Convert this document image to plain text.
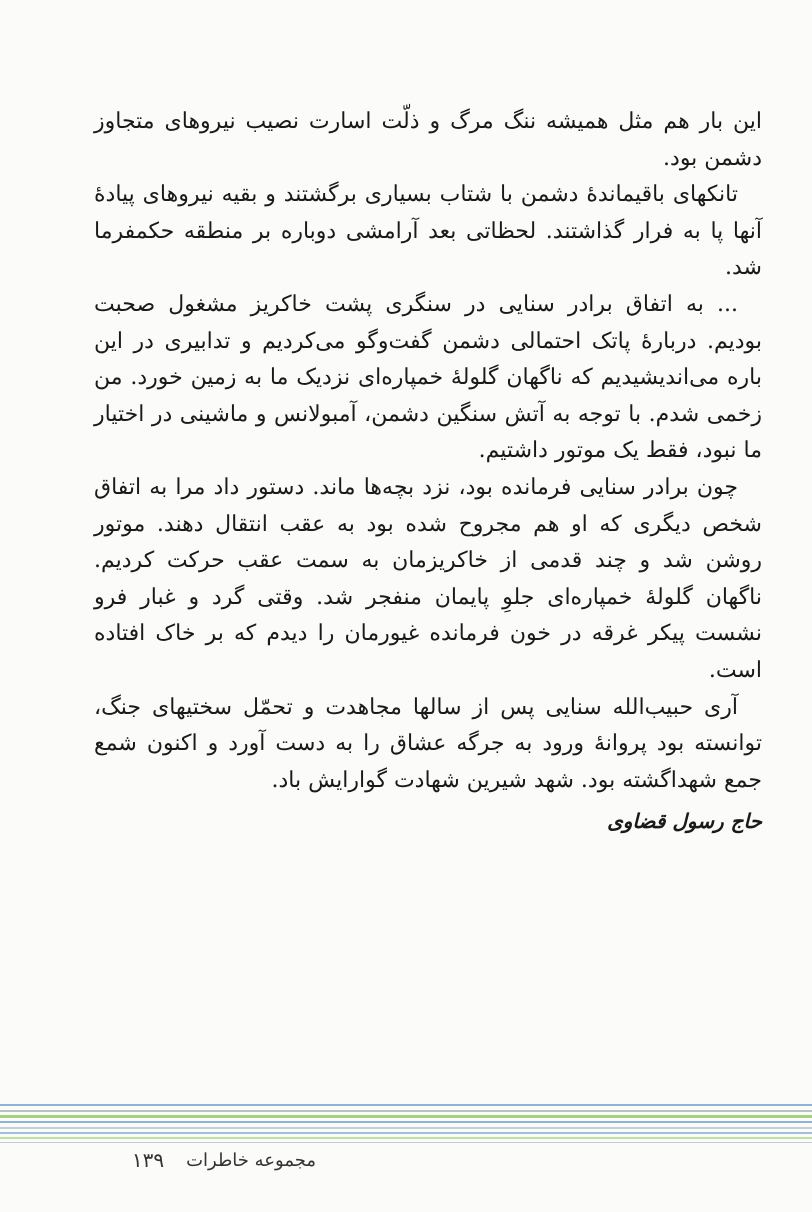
این بار هم مثل همیشه ننگ مرگ و ذلّت اسارت نصیب نیروهای متجاوز دشمن بود.

تانکهای باقیماندهٔ دشمن با شتاب بسیاری برگشتند و بقیه نیروهای پیادهٔ آنها پا به فرار گذاشتند. لحظاتی بعد آرامشی دوباره بر منطقه حکمفرما شد.

... به اتفاق برادر سنایی در سنگری پشت خاکریز مشغول صحبت بودیم. دربارهٔ پاتک احتمالی دشمن گفت‌وگو می‌کردیم و تدابیری در این باره می‌اندیشیدیم که ناگهان گلولهٔ خمپاره‌ای نزدیک ما به زمین خورد. من زخمی شدم. با توجه به آتش سنگین دشمن، آمبولانس و ماشینی در اختیار ما نبود، فقط یک موتور داشتیم.

چون برادر سنایی فرمانده بود، نزد بچه‌ها ماند. دستور داد مرا به اتفاق شخص دیگری که او هم مجروح شده بود به عقب انتقال دهند. موتور روشن شد و چند قدمی از خاکریزمان به سمت عقب حرکت کردیم. ناگهان گلولهٔ خمپاره‌ای جلوِ پایمان منفجر شد. وقتی گرد و غبار فرو نشست پیکر غرقه در خون فرمانده غیورمان را دیدم که بر خاک افتاده است.

آری حبیب‌الله سنایی پس از سالها مجاهدت و تحمّل سختیهای جنگ، توانسته بود پروانهٔ ورود به جرگه عشاق را به دست آورد و اکنون شمع جمع شهداگشته بود. شهد شیرین شهادت گوارایش باد.

حاج رسول قضاوی
مجموعه خاطرات
۱۳۹
